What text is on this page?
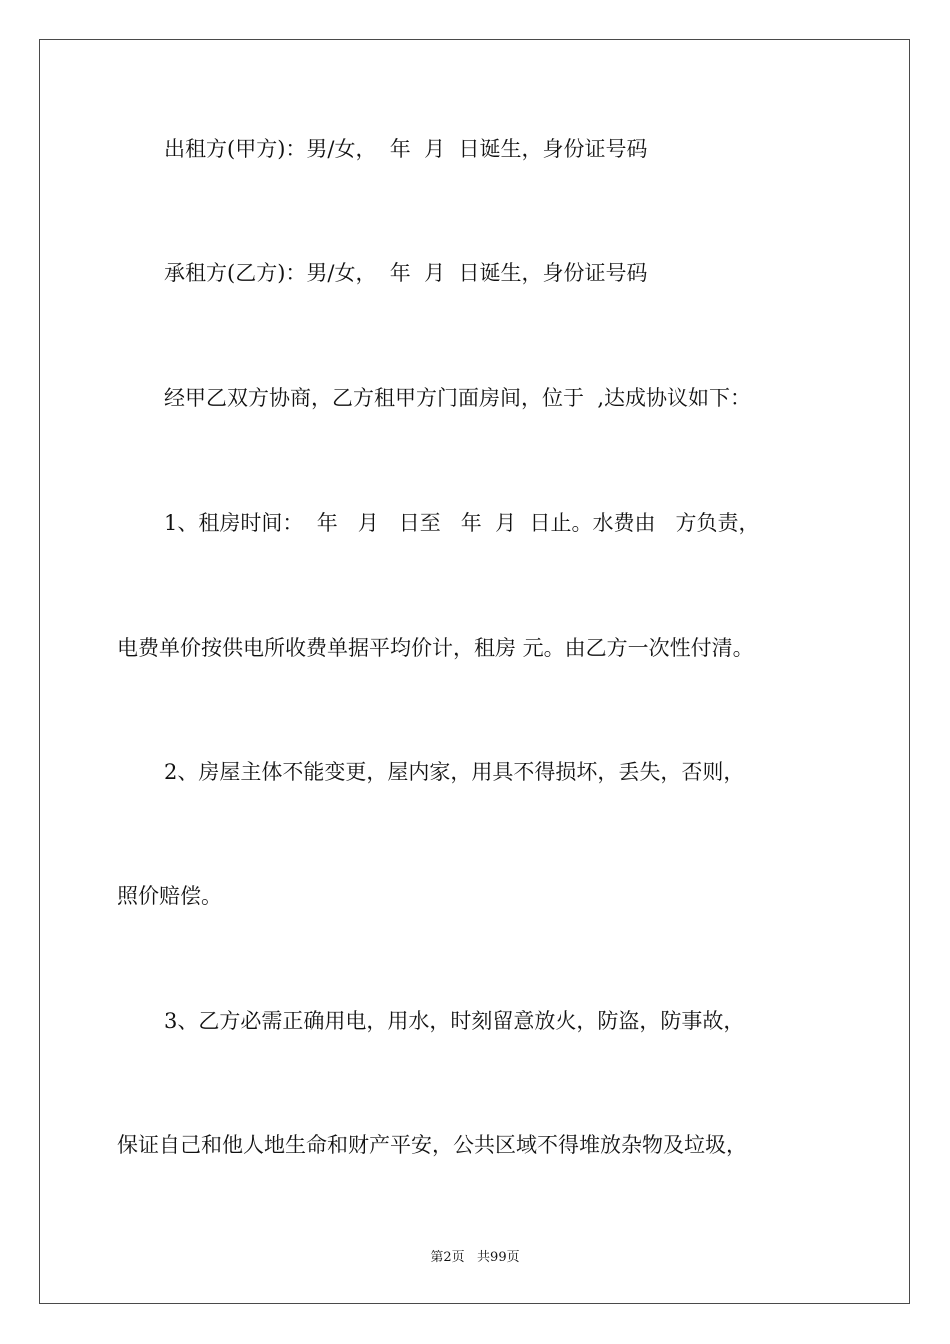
出租方(甲方)：男/女，  年  月  日诞生，身份证号码
承租方(乙方)：男/女，  年  月  日诞生，身份证号码
经甲乙双方协商，乙方租甲方门面房间，位于  ,达成协议如下：
1、租房时间：  年   月   日至   年  月  日止。水费由   方负责，
电费单价按供电所收费单据平均价计，租房 元。由乙方一次性付清。
2、房屋主体不能变更，屋内家，用具不得损坏，丢失，否则，
照价赔偿。
3、乙方必需正确用电，用水，时刻留意放火，防盗，防事故，
保证自己和他人地生命和财产平安，公共区域不得堆放杂物及垃圾，
第2页   共99页
